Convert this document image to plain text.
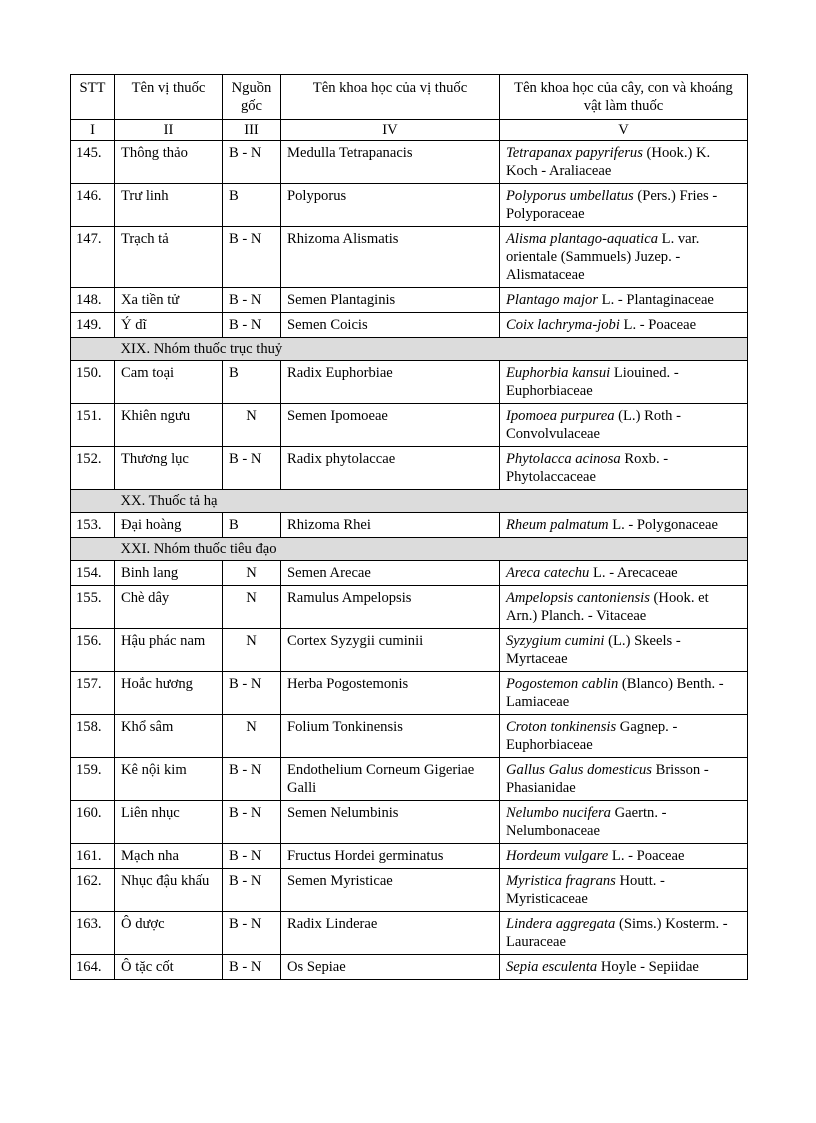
STT	Tên vị thuốc	Nguồn gốc	Tên khoa học của vị thuốc	Tên khoa học của cây, con và khoáng vật làm thuốc
I	II	III	IV	V
145.	Thông thảo	B - N	Medulla Tetrapanacis	Tetrapanax papyriferus (Hook.) K. Koch - Araliaceae
146.	Trư linh	B	Polyporus	Polyporus umbellatus (Pers.) Fries - Polyporaceae
147.	Trạch tả	B - N	Rhizoma Alismatis	Alisma plantago-aquatica L. var. orientale (Sammuels) Juzep. - Alismataceae
148.	Xa tiền tử	B - N	Semen Plantaginis	Plantago major L. - Plantaginaceae
149.	Ý dĩ	B - N	Semen Coicis	Coix lachryma-jobi L. - Poaceae
	XIX. Nhóm thuốc trục thuỷ			
150.	Cam toại	B	Radix Euphorbiae	Euphorbia kansui Liouined. - Euphorbiaceae
151.	Khiên ngưu	N	Semen Ipomoeae	Ipomoea purpurea (L.) Roth - Convolvulaceae
152.	Thương lục	B - N	Radix phytolaccae	Phytolacca acinosa Roxb. - Phytolaccaceae
	XX. Thuốc tả hạ			
153.	Đại hoàng	B	Rhizoma Rhei	Rheum palmatum L. - Polygonaceae
	XXI. Nhóm thuốc tiêu đạo			
154.	Binh lang	N	Semen Arecae	Areca catechu L. - Arecaceae
155.	Chè dây	N	Ramulus Ampelopsis	Ampelopsis cantoniensis (Hook. et Arn.) Planch. - Vitaceae
156.	Hậu phác nam	N	Cortex Syzygii cuminii	Syzygium cumini (L.) Skeels - Myrtaceae
157.	Hoắc hương	B - N	Herba Pogostemonis	Pogostemon cablin (Blanco) Benth. - Lamiaceae
158.	Khổ sâm	N	Folium Tonkinensis	Croton tonkinensis Gagnep. - Euphorbiaceae
159.	Kê nội kim	B - N	Endothelium Corneum Gigeriae Galli	Gallus Galus domesticus Brisson - Phasianidae
160.	Liên nhục	B - N	Semen Nelumbinis	Nelumbo nucifera Gaertn. - Nelumbonaceae
161.	Mạch nha	B - N	Fructus Hordei germinatus	Hordeum vulgare L. - Poaceae
162.	Nhục đậu khấu	B - N	Semen Myristicae	Myristica fragrans Houtt. - Myristicaceae
163.	Ô dược	B - N	Radix Linderae	Lindera aggregata (Sims.) Kosterm. - Lauraceae
164.	Ô tặc cốt	B - N	Os Sepiae	Sepia esculenta Hoyle - Sepiidae
